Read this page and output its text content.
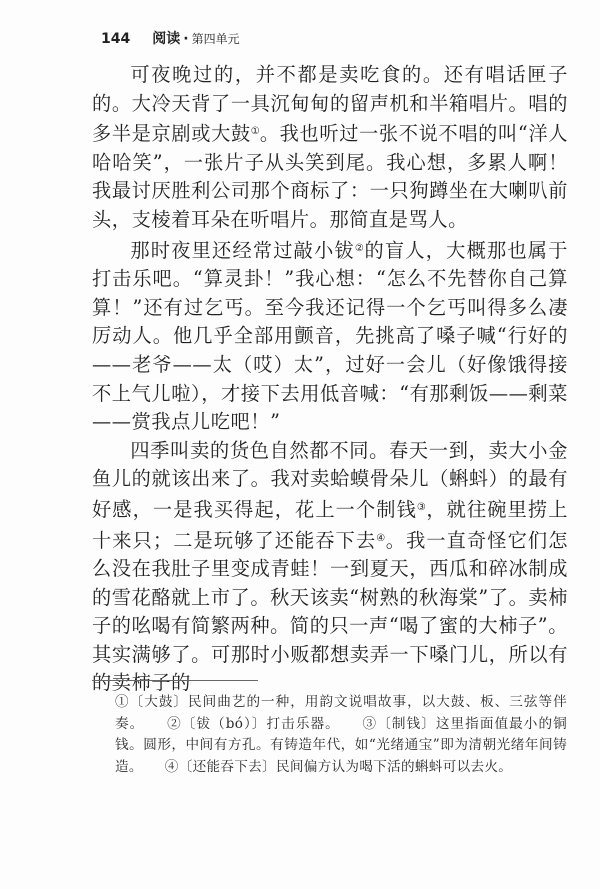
144 阅读 · 第四单元

可夜晚过的，并不都是卖吃食的。还有唱话匣子的。大冷天背了一具沉甸甸的留声机和半箱唱片。唱的多半是京剧或大鼓①。我也听过一张不说不唱的叫“洋人哈哈笑”，一张片子从头笑到尾。我心想，多累人啊！我最讨厌胜利公司那个商标了：一只狗蹲坐在大喇叭前头，支棱着耳朵在听唱片。那简直是骂人。

那时夜里还经常过敲小钹②的盲人，大概那也属于打击乐吧。“算灵卦！”我心想：“怎么不先替你自己算算！”还有过乞丐。至今我还记得一个乞丐叫得多么凄厉动人。他几乎全部用颤音，先挑高了嗓子喊“行好的——老爷——太（哎）太”，过好一会儿（好像饿得接不上气儿啦），才接下去用低音喊：“有那剩饭——剩菜——赏我点儿吃吧！”

四季叫卖的货色自然都不同。春天一到，卖大小金鱼儿的就该出来了。我对卖蛤蟆骨朵儿（蝌蚪）的最有好感，一是我买得起，花上一个制钱③，就往碗里捞上十来只；二是玩够了还能吞下去④。我一直奇怪它们怎么没在我肚子里变成青蛙！一到夏天，西瓜和碎冰制成的雪花酪就上市了。秋天该卖“树熟的秋海棠”了。卖柿子的吆喝有简繁两种。简的只一声“喝了蜜的大柿子”。其实满够了。可那时小贩都想卖弄一下嗓门儿，所以有的卖柿子的

①〔大鼓〕民间曲艺的一种，用韵文说唱故事，以大鼓、板、三弦等伴奏。 ②〔钹（bó）〕打击乐器。 ③〔制钱〕这里指面值最小的铜钱。圆形，中间有方孔。有铸造年代，如“光绪通宝”即为清朝光绪年间铸造。 ④〔还能吞下去〕民间偏方认为喝下活的蝌蚪可以去火。
